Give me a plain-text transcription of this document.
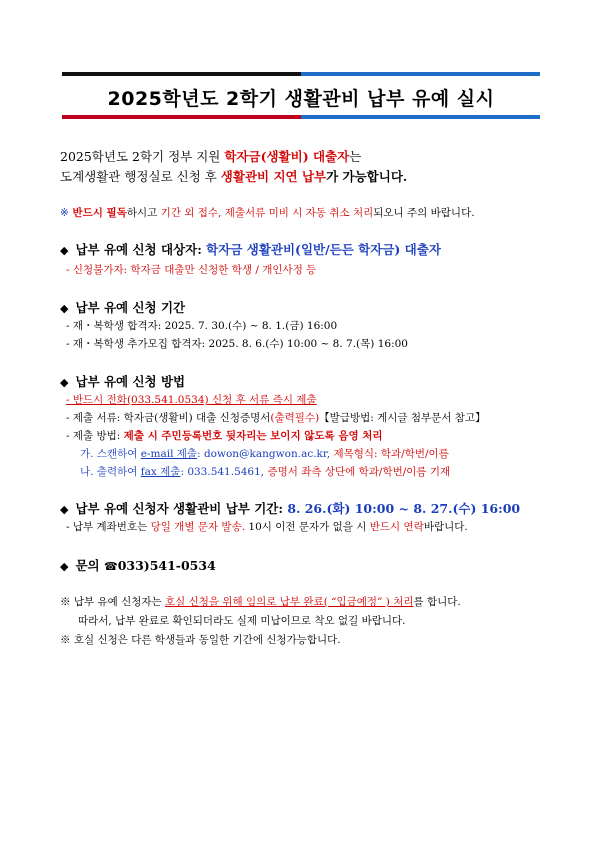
2025학년도 2학기 생활관비 납부 유예 실시
2025학년도 2학기 정부 지원 학자금(생활비) 대출자는
도계생활관 행정실로 신청 후 생활관비 지연 납부가 가능합니다.
※ 반드시 필독하시고 기간 외 접수, 제출서류 미비 시 자동 취소 처리되오니 주의 바랍니다.
◆ 납부 유예 신청 대상자: 학자금 생활관비(일반/든든 학자금) 대출자
- 신청불가자: 학자금 대출만 신청한 학생 / 개인사정 등
◆ 납부 유예 신청 기간
- 재・복학생 합격자: 2025. 7. 30.(수) ~ 8. 1.(금) 16:00
- 재・복학생 추가모집 합격자: 2025. 8. 6.(수) 10:00 ~ 8. 7.(목) 16:00
◆ 납부 유예 신청 방법
- 반드시 전화(033.541.0534) 신청 후 서류 즉시 제출
- 제출 서류: 학자금(생활비) 대출 신청증명서(출력필수)【발급방법: 게시글 첨부문서 참고】
- 제출 방법: 제출 시 주민등록번호 뒷자리는 보이지 않도록 음영 처리
가. 스캔하여 e-mail 제출: dowon@kangwon.ac.kr, 제목형식: 학과/학번/이름
나. 출력하여 fax 제출: 033.541.5461, 증명서 좌측 상단에 학과/학번/이름 기재
◆ 납부 유예 신청자 생활관비 납부 기간: 8. 26.(화) 10:00 ~ 8. 27.(수) 16:00
- 납부 계좌번호는 당일 개별 문자 발송. 10시 이전 문자가 없을 시 반드시 연락바랍니다.
◆ 문의 ☎033)541-0534
※ 납부 유예 신청자는 호실 신청을 위해 임의로 납부 완료( “입금예정” ) 처리를 합니다.
따라서, 납부 완료로 확인되더라도 실제 미납이므로 착오 없길 바랍니다.
※ 호실 신청은 다른 학생들과 동일한 기간에 신청가능합니다.
